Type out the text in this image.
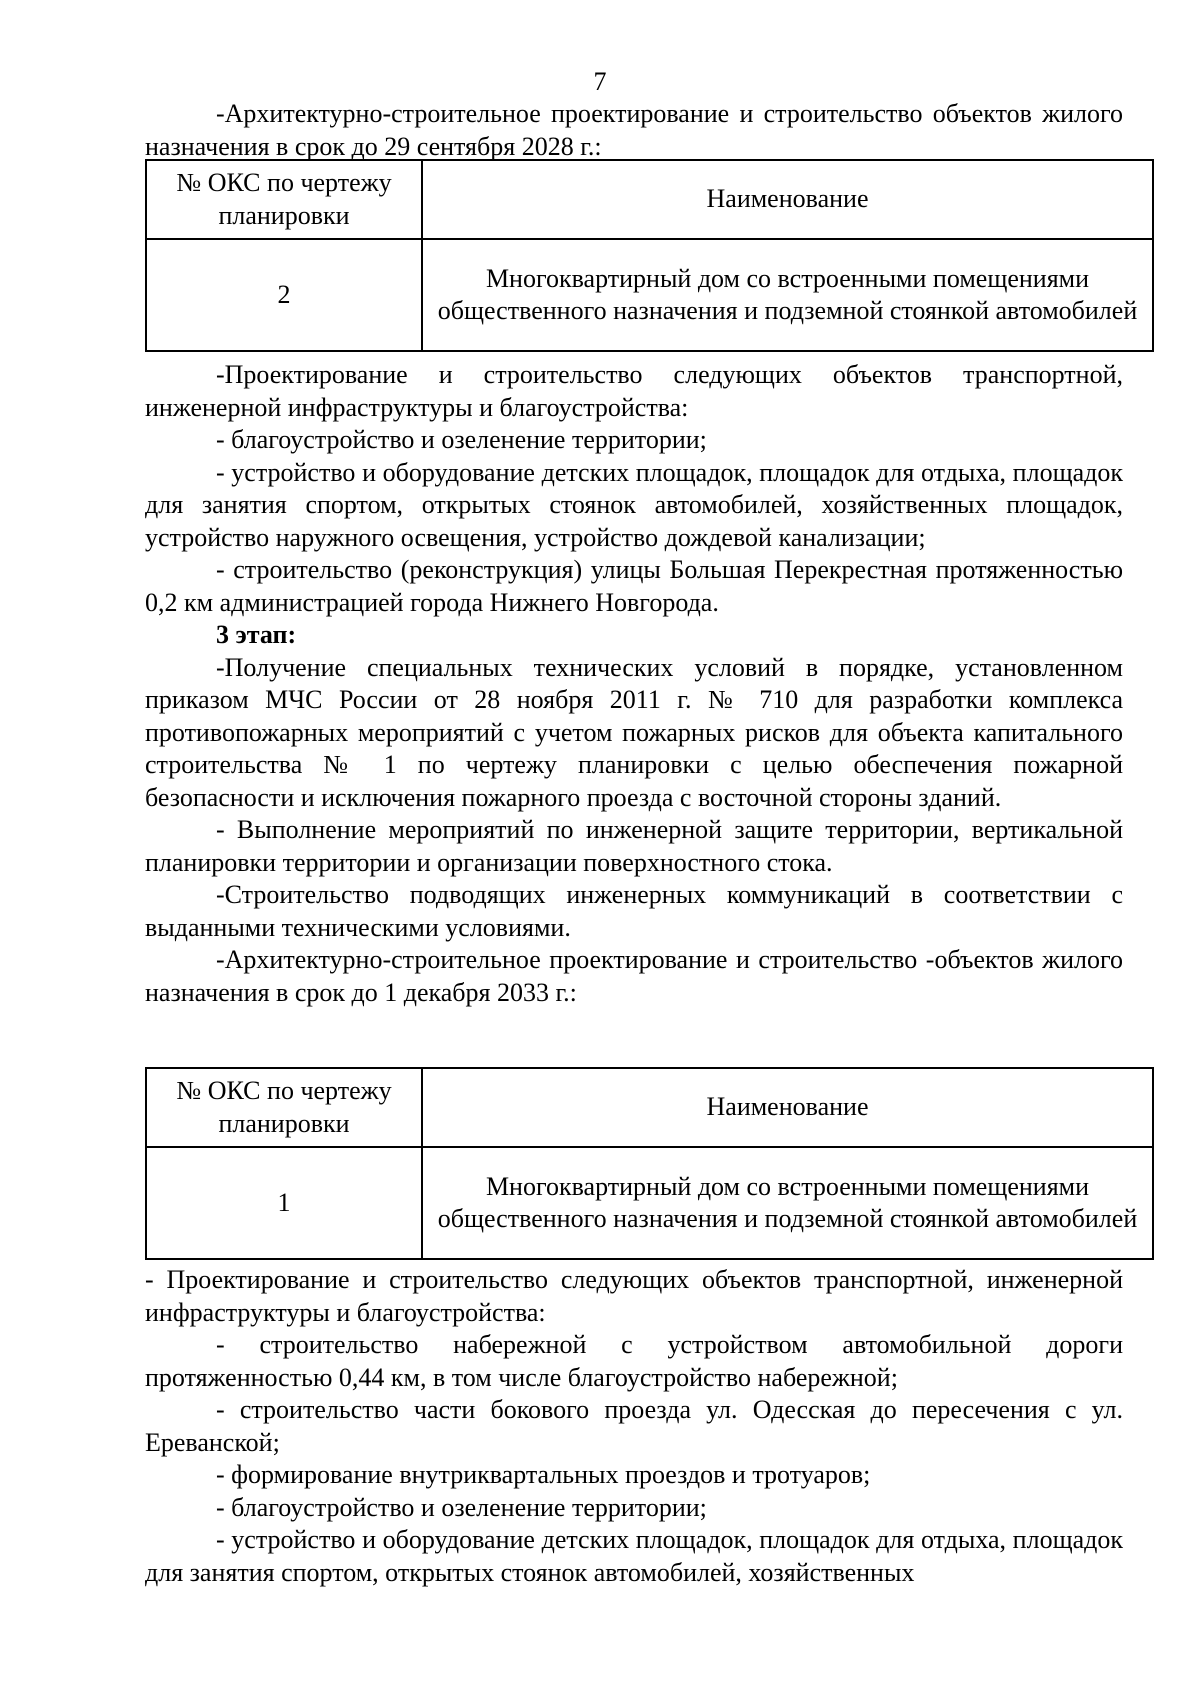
7

-Архитектурно-строительное проектирование и строительство объектов жилого назначения в срок до 29 сентября 2028 г.:

№ ОКС по чертежу планировки	Наименование
2	Многоквартирный дом со встроенными помещениями общественного назначения и подземной стоянкой автомобилей

-Проектирование и строительство следующих объектов транспортной, инженерной инфраструктуры и благоустройства:

- благоустройство и озеленение территории;

- устройство и оборудование детских площадок, площадок для отдыха, площадок для занятия спортом, открытых стоянок автомобилей, хозяйственных площадок, устройство наружного освещения, устройство дождевой канализации;

- строительство (реконструкция) улицы Большая Перекрестная протяженностью 0,2 км администрацией города Нижнего Новгорода.

3 этап:

-Получение специальных технических условий в порядке, установленном приказом МЧС России от 28 ноября 2011 г. № 710 для разработки комплекса противопожарных мероприятий с учетом пожарных рисков для объекта капитального строительства № 1 по чертежу планировки с целью обеспечения пожарной безопасности и исключения пожарного проезда с восточной стороны зданий.

- Выполнение мероприятий по инженерной защите территории, вертикальной планировки территории и организации поверхностного стока.

-Строительство подводящих инженерных коммуникаций в соответствии с выданными техническими условиями.

-Архитектурно-строительное проектирование и строительство -объектов жилого назначения в срок до 1 декабря 2033 г.:

№ ОКС по чертежу планировки	Наименование
1	Многоквартирный дом со встроенными помещениями общественного назначения и подземной стоянкой автомобилей

- Проектирование и строительство следующих объектов транспортной, инженерной инфраструктуры и благоустройства:

- строительство набережной с устройством автомобильной дороги протяженностью 0,44 км, в том числе благоустройство набережной;

- строительство части бокового проезда ул. Одесская до пересечения с ул. Ереванской;

- формирование внутриквартальных проездов и тротуаров;

- благоустройство и озеленение территории;

- устройство и оборудование детских площадок, площадок для отдыха, площадок для занятия спортом, открытых стоянок автомобилей, хозяйственных
